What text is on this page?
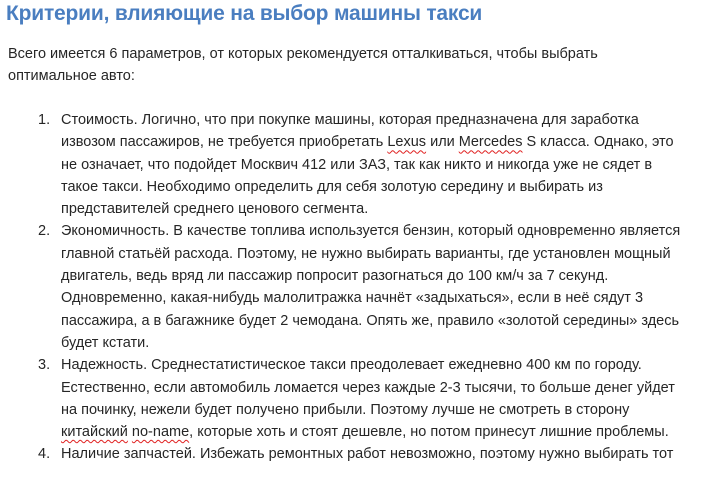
Критерии, влияющие на выбор машины такси

Всего имеется 6 параметров, от которых рекомендуется отталкиваться, чтобы выбрать
оптимальное авто:

1. Стоимость. Логично, что при покупке машины, которая предназначена для заработка
извозом пассажиров, не требуется приобретать Lexus или Mercedes S класса. Однако, это
не означает, что подойдет Москвич 412 или ЗАЗ, так как никто и никогда уже не сядет в
такое такси. Необходимо определить для себя золотую середину и выбирать из
представителей среднего ценового сегмента.
2. Экономичность. В качестве топлива используется бензин, который одновременно является
главной статьёй расхода. Поэтому, не нужно выбирать варианты, где установлен мощный
двигатель, ведь вряд ли пассажир попросит разогнаться до 100 км/ч за 7 секунд.
Одновременно, какая-нибудь малолитражка начнёт «задыхаться», если в неё сядут 3
пассажира, а в багажнике будет 2 чемодана. Опять же, правило «золотой середины» здесь
будет кстати.
3. Надежность. Среднестатистическое такси преодолевает ежедневно 400 км по городу.
Естественно, если автомобиль ломается через каждые 2-3 тысячи, то больше денег уйдет
на починку, нежели будет получено прибыли. Поэтому лучше не смотреть в сторону
китайский no-name, которые хоть и стоят дешевле, но потом принесут лишние проблемы.
4. Наличие запчастей. Избежать ремонтных работ невозможно, поэтому нужно выбирать тот
